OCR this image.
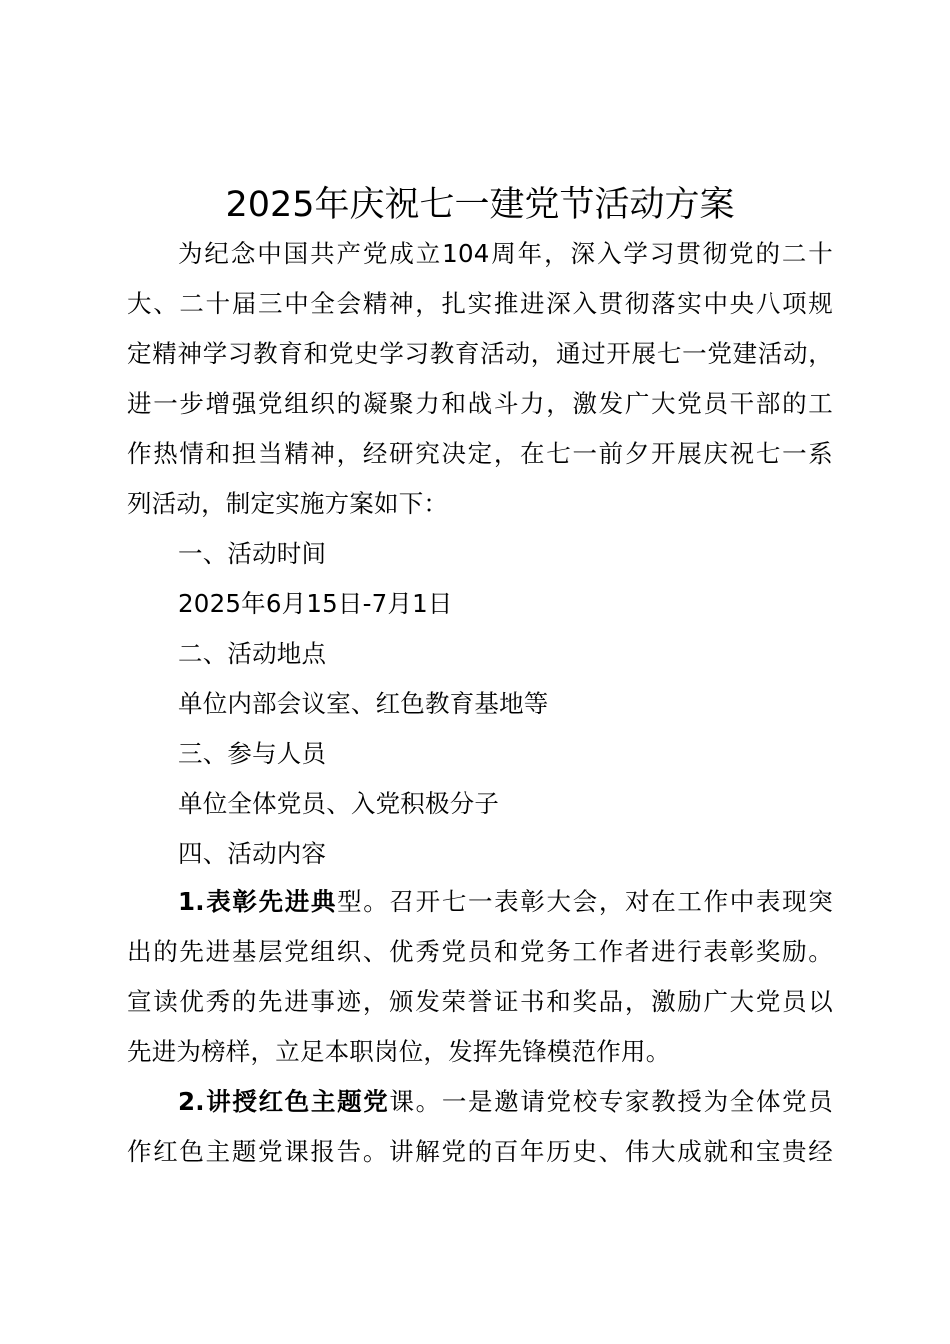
2025年庆祝七一建党节活动方案
为纪念中国共产党成立104周年，深入学习贯彻党的二十
大、二十届三中全会精神，扎实推进深入贯彻落实中央八项规
定精神学习教育和党史学习教育活动，通过开展七一党建活动，
进一步增强党组织的凝聚力和战斗力，激发广大党员干部的工
作热情和担当精神，经研究决定，在七一前夕开展庆祝七一系
列活动，制定实施方案如下：
一、活动时间
2025年6月15日-7月1日
二、活动地点
单位内部会议室、红色教育基地等
三、参与人员
单位全体党员、入党积极分子
四、活动内容
1.表彰先进典型。召开七一表彰大会，对在工作中表现突
出的先进基层党组织、优秀党员和党务工作者进行表彰奖励。
宣读优秀的先进事迹，颁发荣誉证书和奖品，激励广大党员以
先进为榜样，立足本职岗位，发挥先锋模范作用。
2.讲授红色主题党课。一是邀请党校专家教授为全体党员
作红色主题党课报告。讲解党的百年历史、伟大成就和宝贵经
